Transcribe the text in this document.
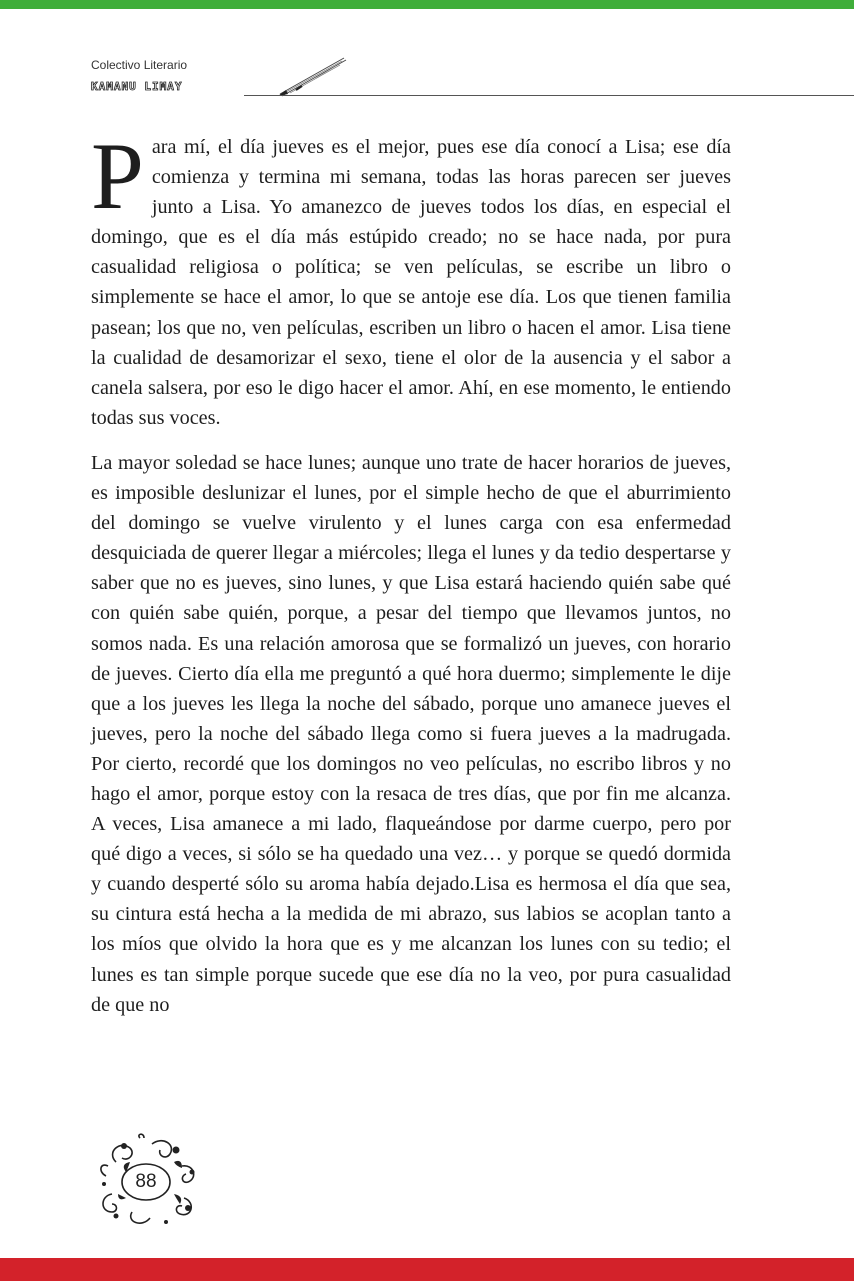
Colectivo Literario
KAMANU LIMAY

Para mí, el día jueves es el mejor, pues ese día conocí a Lisa; ese día comienza y termina mi semana, todas las horas parecen ser jueves junto a Lisa. Yo amanezco de jueves todos los días, en especial el domingo, que es el día más estúpido creado; no se hace nada, por pura casualidad religiosa o política; se ven películas, se escribe un libro o simplemente se hace el amor, lo que se antoje ese día. Los que tienen familia pasean; los que no, ven películas, escriben un libro o hacen el amor. Lisa tiene la cualidad de desamorizar el sexo, tiene el olor de la ausencia y el sabor a canela salsera, por eso le digo hacer el amor. Ahí, en ese momento, le entiendo todas sus voces.

La mayor soledad se hace lunes; aunque uno trate de hacer horarios de jueves, es imposible deslunizar el lunes, por el simple hecho de que el aburrimiento del domingo se vuelve virulento y el lunes carga con esa enfermedad desquiciada de querer llegar a miércoles; llega el lunes y da tedio despertarse y saber que no es jueves, sino lunes, y que Lisa estará haciendo quién sabe qué con quién sabe quién, porque, a pesar del tiempo que llevamos juntos, no somos nada. Es una relación amorosa que se formalizó un jueves, con horario de jueves. Cierto día ella me preguntó a qué hora duermo; simplemente le dije que a los jueves les llega la noche del sábado, porque uno amanece jueves el jueves, pero la noche del sábado llega como si fuera jueves a la madrugada. Por cierto, recordé que los domingos no veo películas, no escribo libros y no hago el amor, porque estoy con la resaca de tres días, que por fin me alcanza. A veces, Lisa amanece a mi lado, flaqueándose por darme cuerpo, pero por qué digo a veces, si sólo se ha quedado una vez… y porque se quedó dormida y cuando desperté sólo su aroma había dejado.Lisa es hermosa el día que sea, su cintura está hecha a la medida de mi abrazo, sus labios se acoplan tanto a los míos que olvido la hora que es y me alcanzan los lunes con su tedio; el lunes es tan simple porque sucede que ese día no la veo, por pura casualidad de que no

88
